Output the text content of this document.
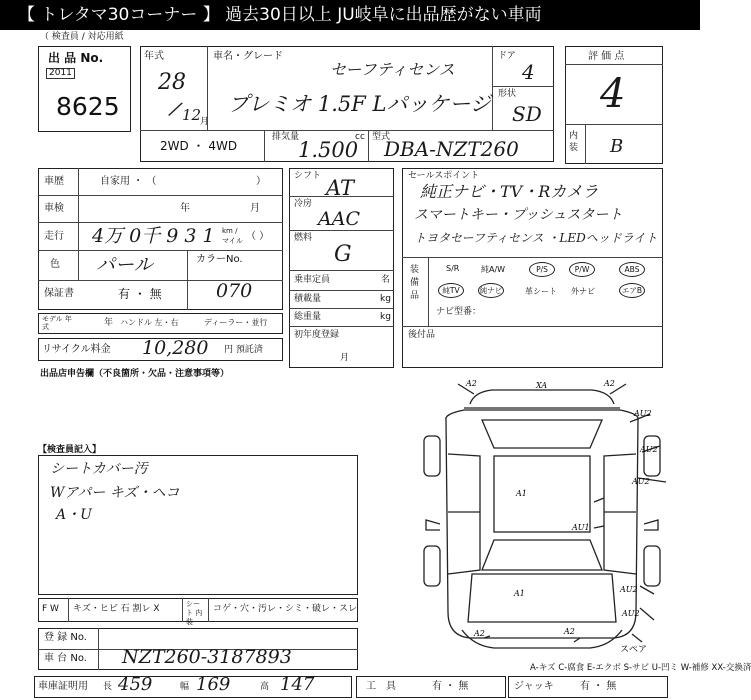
【 トレタマ30コーナー 】 過去30日以上 JU岐阜に出品歴がない車両
（ 検査員 / 対応用紙
出 品 No.
2011
8625
年式
28
/
12
月
車名・グレード
セーフティセンス
プレミオ 1.5F Lパッケージ
ドア
4
形状
SD
2WD ・ 4WD
排気量	cc
1.500
型式
DBA-NZT260
評 価 点
4
内装 B
車歴	自家用 ・ （	）
車検	年	月
走行 4万 0千 9 3 1 km / マイル （ ）
色 パール	カラーNo.
070
保証書	有 ・ 無
モデル 年式	年 ハンドル 左・右	ディーラー・並行
リサイクル料金 10,280 円 預託済
シフト AT
冷房
AAC
燃料
G
乗車定員	名
積載量	kg
総重量	kg
初年度登録
月
セールスポイント
純正ナビ・TV・Rカメラ
スマートキー・プッシュスタート
トヨタセーフティセンス ・LEDヘッドライト
装 備 品
S/R	純A/W	P/S	P/W	ABS
純TV	純ナビ	革シート 外ナビ	エアB
ナビ型番：
後付品
出品店申告欄（不良箇所・欠品・注意事項等）
【検査員記入】
シートカバー汚
Wアパー キズ・ヘコ
A・U
A2	XA	A2
AU2
AU2
AU2
A1
AU1
AU2
AU2
A1
A2	A2
スペア
F W キズ・ヒビ 石 割レ X	シート 内装
コゲ・穴・汚レ・シミ・破レ・スレ
登 録 No.
車 台 No. NZT260-3187893	A-キズ C-腐食 E-エクボ S-サビ U-凹ミ W-補修 XX-交換済
車庫証明用 長 459	幅 169	高 147	工　具	有 ・ 無	ジャッキ	有 ・ 無
